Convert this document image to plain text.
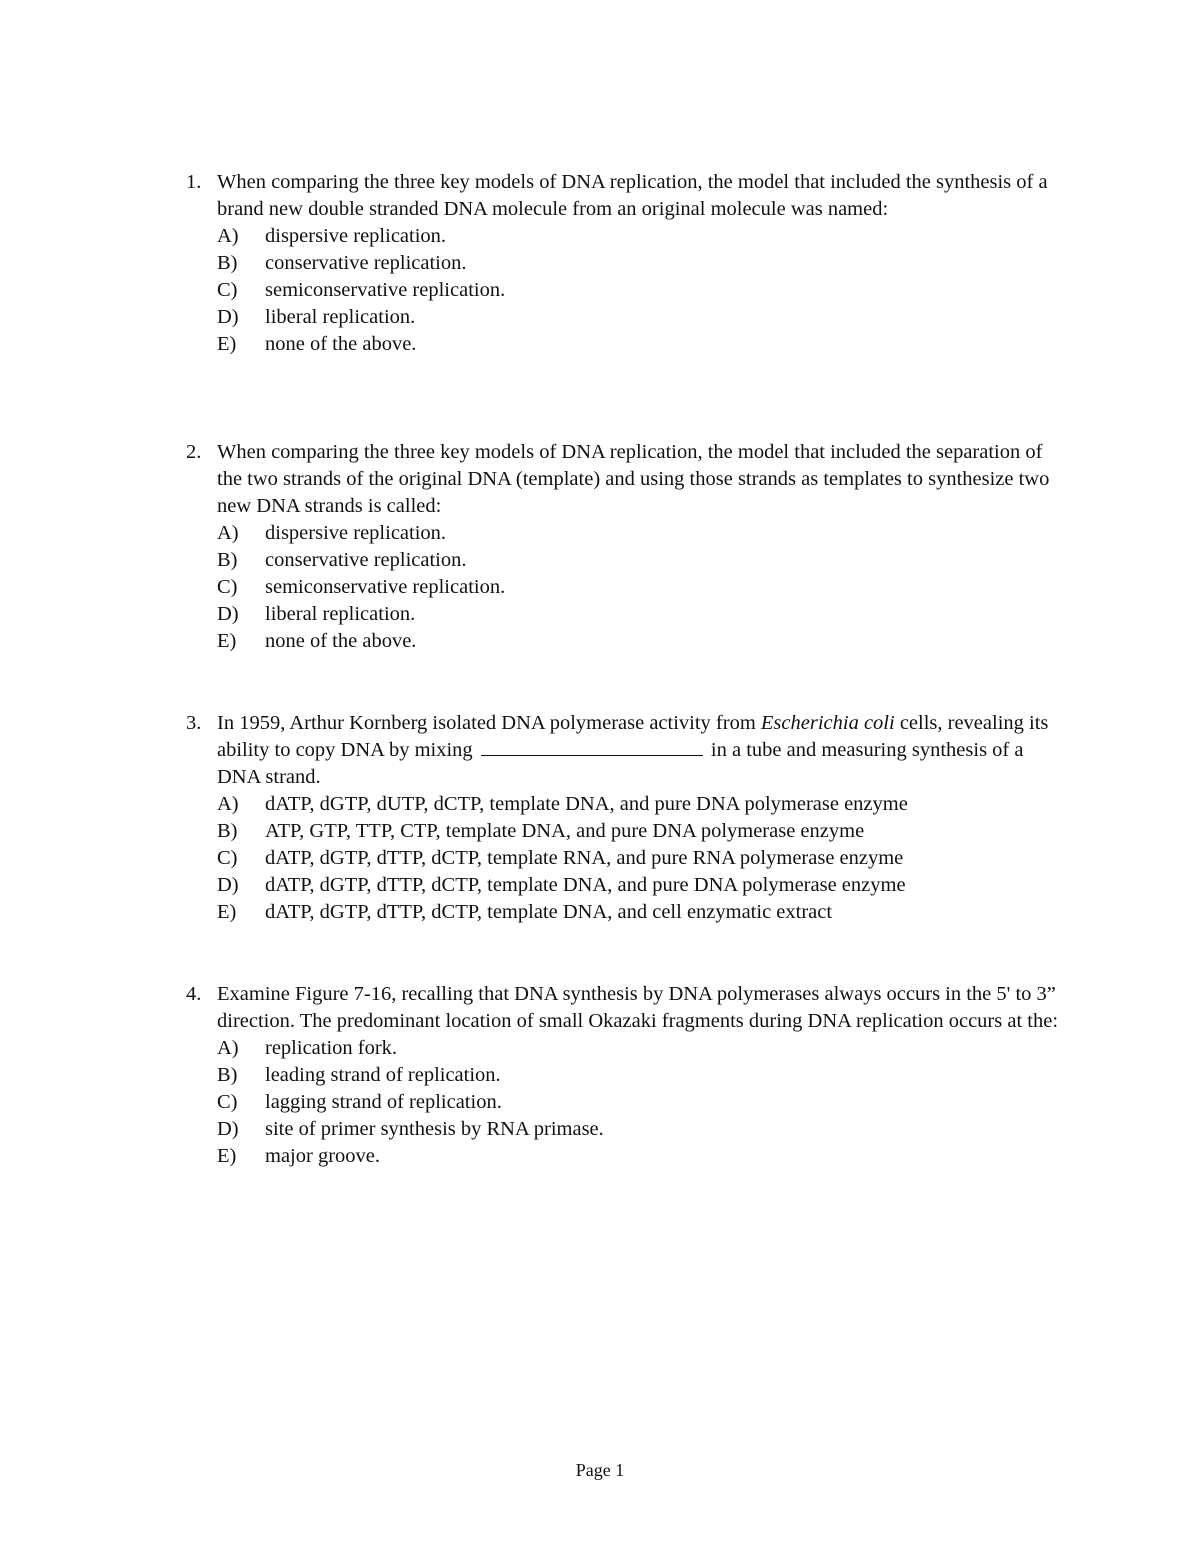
1. When comparing the three key models of DNA replication, the model that included the synthesis of a brand new double stranded DNA molecule from an original molecule was named:
A) dispersive replication.
B) conservative replication.
C) semiconservative replication.
D) liberal replication.
E) none of the above.
2. When comparing the three key models of DNA replication, the model that included the separation of the two strands of the original DNA (template) and using those strands as templates to synthesize two new DNA strands is called:
A) dispersive replication.
B) conservative replication.
C) semiconservative replication.
D) liberal replication.
E) none of the above.
3. In 1959, Arthur Kornberg isolated DNA polymerase activity from Escherichia coli cells, revealing its ability to copy DNA by mixing	in a tube and measuring synthesis of a DNA strand.
A) dATP, dGTP, dUTP, dCTP, template DNA, and pure DNA polymerase enzyme
B) ATP, GTP, TTP, CTP, template DNA, and pure DNA polymerase enzyme
C) dATP, dGTP, dTTP, dCTP, template RNA, and pure RNA polymerase enzyme
D) dATP, dGTP, dTTP, dCTP, template DNA, and pure DNA polymerase enzyme
E) dATP, dGTP, dTTP, dCTP, template DNA, and cell enzymatic extract
4. Examine Figure 7-16, recalling that DNA synthesis by DNA polymerases always occurs in the 5' to 3” direction. The predominant location of small Okazaki fragments during DNA replication occurs at the:
A) replication fork.
B) leading strand of replication.
C) lagging strand of replication.
D) site of primer synthesis by RNA primase.
E) major groove.
Page 1
